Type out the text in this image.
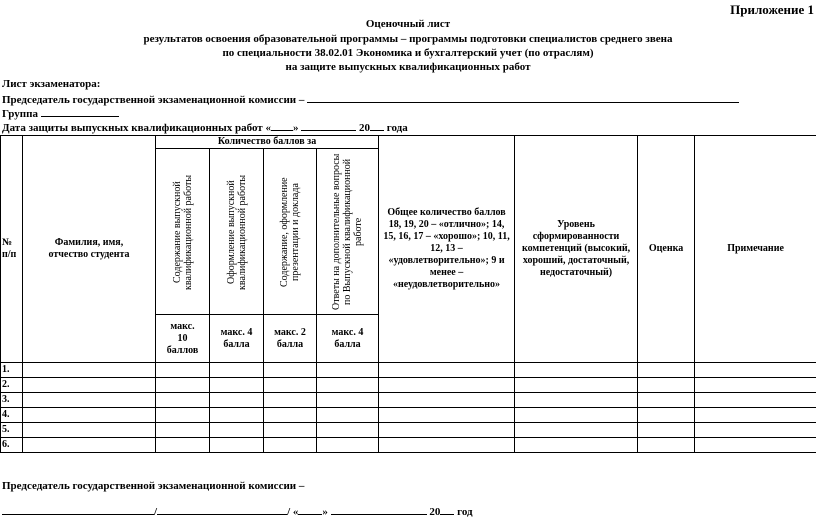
Приложение 1
Оценочный лист
результатов освоения образовательной программы – программы подготовки специалистов среднего звена
по специальности 38.02.01 Экономика и бухгалтерский учет (по отраслям)
на защите выпускных квалификационных работ
Лист экзаменатора:
Председатель государственной экзаменационной комиссии –
Группа
Дата защиты выпускных квалификационных работ « »	20 года
№ п/п	Фамилия, имя, отчество студента	Количество баллов за				Общее количество баллов 18, 19, 20 – «отлично»; 14, 15, 16, 17 – «хорошо»; 10, 11, 12, 13 – «удовлетворительно»; 9 и менее – «неудовлетворительно»	Уровень сформированности компетенций (высокий, хороший, достаточный, недостаточный)	Оценка	Примечание

		Содержание выпускной квалификационной работы	Оформление выпускной квалификационной работы	Содержание, оформление презентации и доклада	Ответы на дополнительные вопросы по Выпускной квалификационной работе				

		макс. 10 баллов	макс. 4 балла	макс. 2 балла	макс. 4 балла				
1.									
2.									
3.									
4.									
5.									
6.									
Председатель государственной экзаменационной комиссии –
/	/ « »	20 год
